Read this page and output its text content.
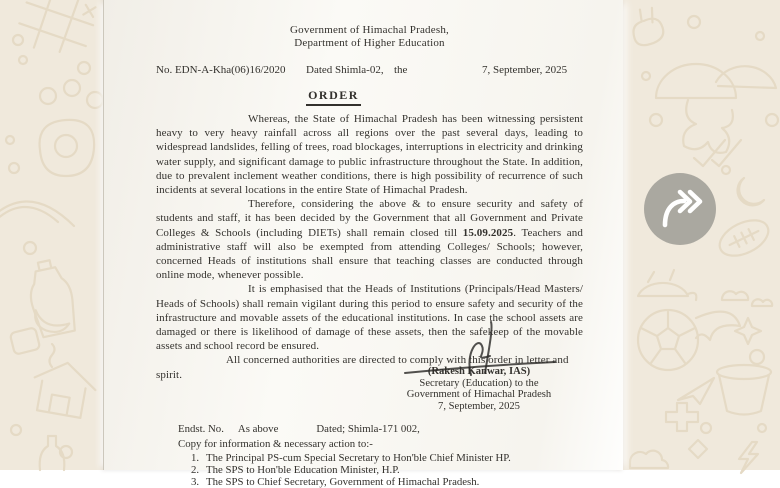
Government of Himachal Pradesh,
Department of Higher Education
No. EDN-A-Kha(06)16/2020 Dated Shimla-02, the	7, September, 2025
ORDER

Whereas, the State of Himachal Pradesh has been witnessing persistent heavy to very heavy rainfall across all regions over the past several days, leading to widespread landslides, felling of trees, road blockages, interruptions in electricity and drinking water supply, and significant damage to public infrastructure throughout the State. In addition, due to prevalent inclement weather conditions, there is high possibility of recurrence of such incidents at several locations in the entire State of Himachal Pradesh.

Therefore, considering the above & to ensure security and safety of students and staff, it has been decided by the Government that all Government and Private Colleges & Schools (including DIETs) shall remain closed till 15.09.2025. Teachers and administrative staff will also be exempted from attending Colleges/ Schools; however, concerned Heads of institutions shall ensure that teaching classes are conducted through online mode, whenever possible.

It is emphasised that the Heads of Institutions (Principals/Head Masters/ Heads of Schools) shall remain vigilant during this period to ensure safety and security of the infrastructure and movable assets of the educational institutions. In case the school assets are damaged or there is likelihood of damage of these assets, then the safekeep of the movable assets and school record be ensured.

All concerned authorities are directed to comply with this order in letter and spirit.

Endst. No. As above	Dated; Shimla-171 002,
Copy for information & necessary action to:-
1. The Principal PS-cum Special Secretary to Hon'ble Chief Minister HP.
2. The SPS to Hon'ble Education Minister, H.P.
3. The SPS to Chief Secretary, Government of Himachal Pradesh.
(Rakesh Kanwar, IAS)
Secretary (Education) to the
Government of Himachal Pradesh
7, September, 2025
